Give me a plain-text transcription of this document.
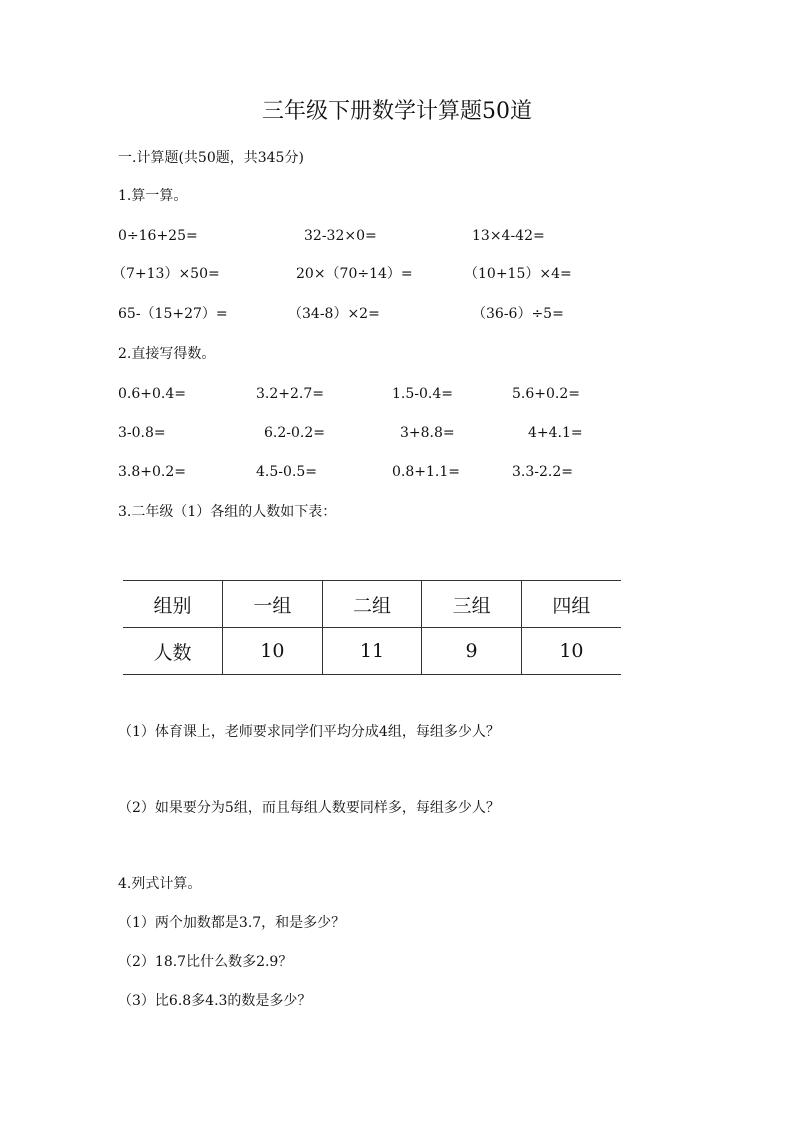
三年级下册数学计算题50道
一.计算题(共50题，共345分)
1.算一算。
0÷16+25=	32-32×0=	13×4-42=
（7+13）×50=	20×（70÷14）=	（10+15）×4=
65-（15+27）=	（34-8）×2=	（36-6）÷5=
2.直接写得数。
0.6+0.4=	3.2+2.7=	1.5-0.4=	5.6+0.2=
3-0.8=	6.2-0.2=	3+8.8=	4+4.1=
3.8+0.2=	4.5-0.5=	0.8+1.1=	3.3-2.2=
3.二年级（1）各组的人数如下表：
组别	一组	二组	三组	四组
人数	10	11	9	10
（1）体育课上，老师要求同学们平均分成4组，每组多少人？
（2）如果要分为5组，而且每组人数要同样多，每组多少人？
4.列式计算。
（1）两个加数都是3.7，和是多少？
（2）18.7比什么数多2.9？
（3）比6.8多4.3的数是多少？
